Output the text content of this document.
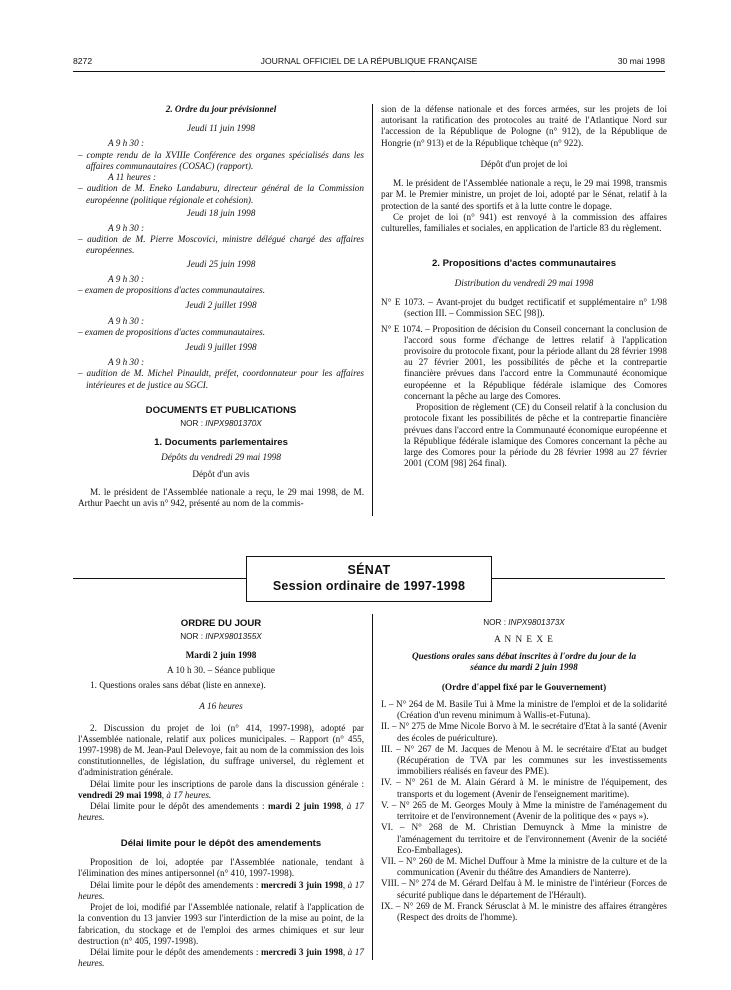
8272	JOURNAL OFFICIEL DE LA RÉPUBLIQUE FRANÇAISE	30 mai 1998
2. Ordre du jour prévisionnel
Jeudi 11 juin 1998
A 9 h 30 :

– compte rendu de la XVIIIe Conférence des organes spécialisés dans les affaires communautaires (COSAC) (rapport).

A 11 heures :

– audition de M. Eneko Landaburu, directeur général de la Commission européenne (politique régionale et cohésion).

Jeudi 18 juin 1998
A 9 h 30 :

– audition de M. Pierre Moscovici, ministre délégué chargé des affaires européennes.

Jeudi 25 juin 1998
A 9 h 30 :

– examen de propositions d'actes communautaires.

Jeudi 2 juillet 1998
A 9 h 30 :

– examen de propositions d'actes communautaires.

Jeudi 9 juillet 1998
A 9 h 30 :

– audition de M. Michel Pinauldt, préfet, coordonnateur pour les affaires intérieures et de justice au SGCI.

DOCUMENTS ET PUBLICATIONS
NOR : INPX9801370X
1. Documents parlementaires
Dépôts du vendredi 29 mai 1998
Dépôt d'un avis

M. le président de l'Assemblée nationale a reçu, le 29 mai 1998, de M. Arthur Paecht un avis n° 942, présenté au nom de la commis-

sion de la défense nationale et des forces armées, sur les projets de loi autorisant la ratification des protocoles au traité de l'Atlantique Nord sur l'accession de la République de Pologne (n° 912), de la République de Hongrie (n° 913) et de la République tchèque (n° 922).

Dépôt d'un projet de loi

M. le président de l'Assemblée nationale a reçu, le 29 mai 1998, transmis par M. le Premier ministre, un projet de loi, adopté par le Sénat, relatif à la protection de la santé des sportifs et à la lutte contre le dopage.

Ce projet de loi (n° 941) est renvoyé à la commission des affaires culturelles, familiales et sociales, en application de l'article 83 du règlement.

2. Propositions d'actes communautaires
Distribution du vendredi 29 mai 1998

N° E 1073. – Avant-projet du budget rectificatif et supplémentaire n° 1/98 (section III. – Commission SEC [98]).

N° E 1074. – Proposition de décision du Conseil concernant la conclusion de l'accord sous forme d'échange de lettres relatif à l'application provisoire du protocole fixant, pour la période allant du 28 février 1998 au 27 février 2001, les possibilités de pêche et la contrepartie financière prévues dans l'accord entre la Communauté économique européenne et la République fédérale islamique des Comores concernant la pêche au large des Comores.

Proposition de règlement (CE) du Conseil relatif à la conclusion du protocole fixant les possibilités de pêche et la contrepartie financière prévues dans l'accord entre la Communauté économique européenne et la République fédérale islamique des Comores concernant la pêche au large des Comores pour la période du 28 février 1998 au 27 février 2001 (COM [98] 264 final).

SÉNAT
Session ordinaire de 1997-1998
ORDRE DU JOUR
NOR : INPX9801355X
Mardi 2 juin 1998
A 10 h 30. – Séance publique

1. Questions orales sans débat (liste en annexe).

A 16 heures

2. Discussion du projet de loi (n° 414, 1997-1998), adopté par l'Assemblée nationale, relatif aux polices municipales. – Rapport (n° 455, 1997-1998) de M. Jean-Paul Delevoye, fait au nom de la commission des lois constitutionnelles, de législation, du suffrage universel, du règlement et d'administration générale.

Délai limite pour les inscriptions de parole dans la discussion générale : vendredi 29 mai 1998, à 17 heures.

Délai limite pour le dépôt des amendements : mardi 2 juin 1998, à 17 heures.

Délai limite pour le dépôt des amendements

Proposition de loi, adoptée par l'Assemblée nationale, tendant à l'élimination des mines antipersonnel (n° 410, 1997-1998).

Délai limite pour le dépôt des amendements : mercredi 3 juin 1998, à 17 heures.

Projet de loi, modifié par l'Assemblée nationale, relatif à l'application de la convention du 13 janvier 1993 sur l'interdiction de la mise au point, de la fabrication, du stockage et de l'emploi des armes chimiques et sur leur destruction (n° 405, 1997-1998).

Délai limite pour le dépôt des amendements : mercredi 3 juin 1998, à 17 heures.

NOR : INPX9801373X
A N N E X E
Questions orales sans débat inscrites à l'ordre du jour de la séance du mardi 2 juin 1998
(Ordre d'appel fixé par le Gouvernement)

I. – N° 264 de M. Basile Tui à Mme la ministre de l'emploi et de la solidarité (Création d'un revenu minimum à Wallis-et-Futuna).

II. – N° 275 de Mme Nicole Borvo à M. le secrétaire d'Etat à la santé (Avenir des écoles de puériculture).

III. – N° 267 de M. Jacques de Menou à M. le secrétaire d'Etat au budget (Récupération de TVA par les communes sur les investissements immobiliers réalisés en faveur des PME).

IV. – N° 261 de M. Alain Gérard à M. le ministre de l'équipement, des transports et du logement (Avenir de l'enseignement maritime).

V. – N° 265 de M. Georges Mouly à Mme la ministre de l'aménagement du territoire et de l'environnement (Avenir de la politique des « pays »).

VI. – N° 268 de M. Christian Demuynck à Mme la ministre de l'aménagement du territoire et de l'environnement (Avenir de la société Eco-Emballages).

VII. – N° 260 de M. Michel Duffour à Mme la ministre de la culture et de la communication (Avenir du théâtre des Amandiers de Nanterre).

VIII. – N° 274 de M. Gérard Delfau à M. le ministre de l'intérieur (Forces de sécurité publique dans le département de l'Hérault).

IX. – N° 269 de M. Franck Sérusclat à M. le ministre des affaires étrangères (Respect des droits de l'homme).
